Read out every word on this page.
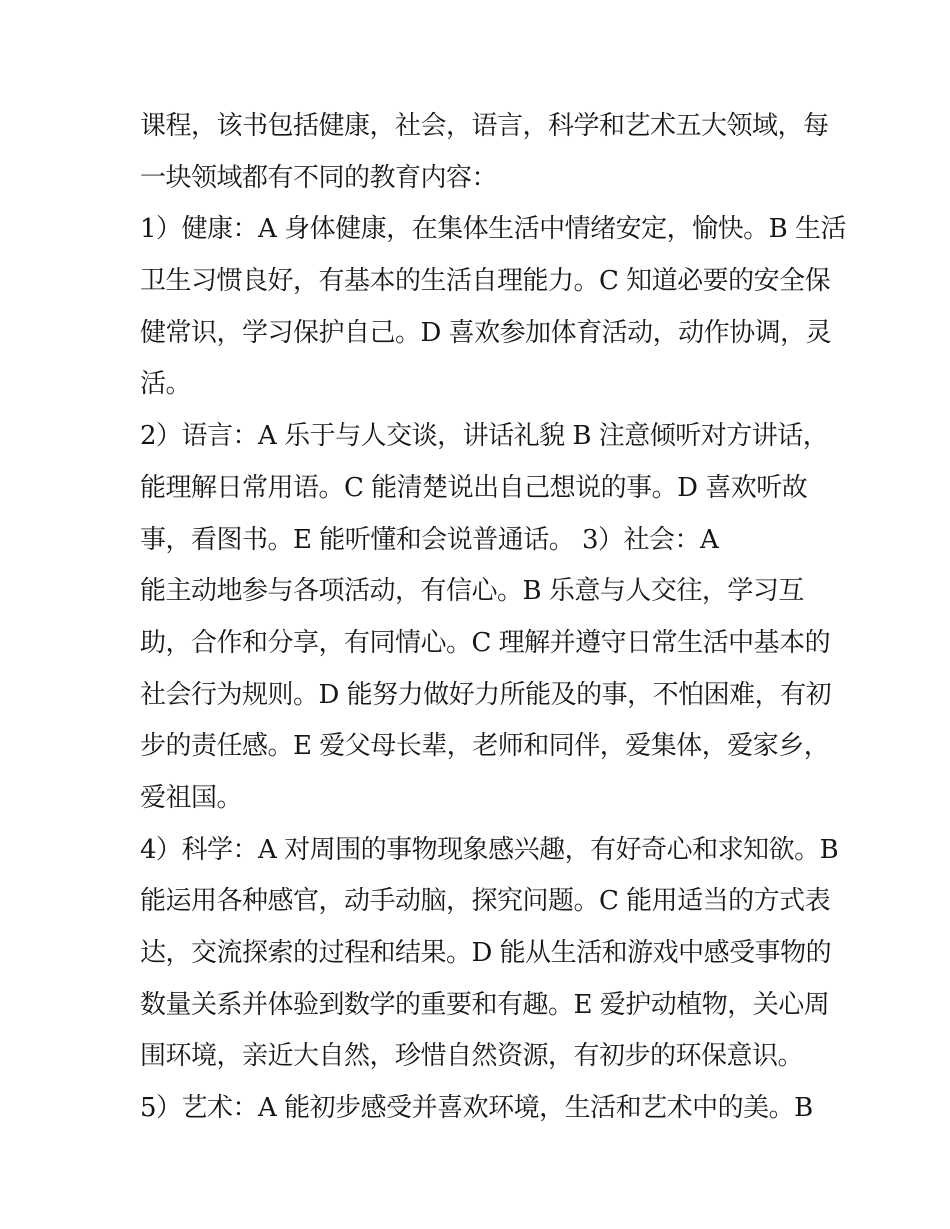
课程，该书包括健康，社会，语言，科学和艺术五大领域，每
一块领域都有不同的教育内容：
1）健康：A 身体健康，在集体生活中情绪安定，愉快。B 生活
卫生习惯良好，有基本的生活自理能力。C 知道必要的安全保
健常识，学习保护自己。D 喜欢参加体育活动，动作协调，灵
活。
2）语言：A 乐于与人交谈，讲话礼貌 B 注意倾听对方讲话，
能理解日常用语。C 能清楚说出自己想说的事。D 喜欢听故
事，看图书。E 能听懂和会说普通话。 3）社会：A
能主动地参与各项活动，有信心。B 乐意与人交往，学习互
助，合作和分享，有同情心。C 理解并遵守日常生活中基本的
社会行为规则。D 能努力做好力所能及的事，不怕困难，有初
步的责任感。E 爱父母长辈，老师和同伴，爱集体，爱家乡，
爱祖国。
4）科学：A 对周围的事物现象感兴趣，有好奇心和求知欲。B
能运用各种感官，动手动脑，探究问题。C 能用适当的方式表
达，交流探索的过程和结果。D 能从生活和游戏中感受事物的
数量关系并体验到数学的重要和有趣。E 爱护动植物，关心周
围环境，亲近大自然，珍惜自然资源，有初步的环保意识。
5）艺术：A 能初步感受并喜欢环境，生活和艺术中的美。B
